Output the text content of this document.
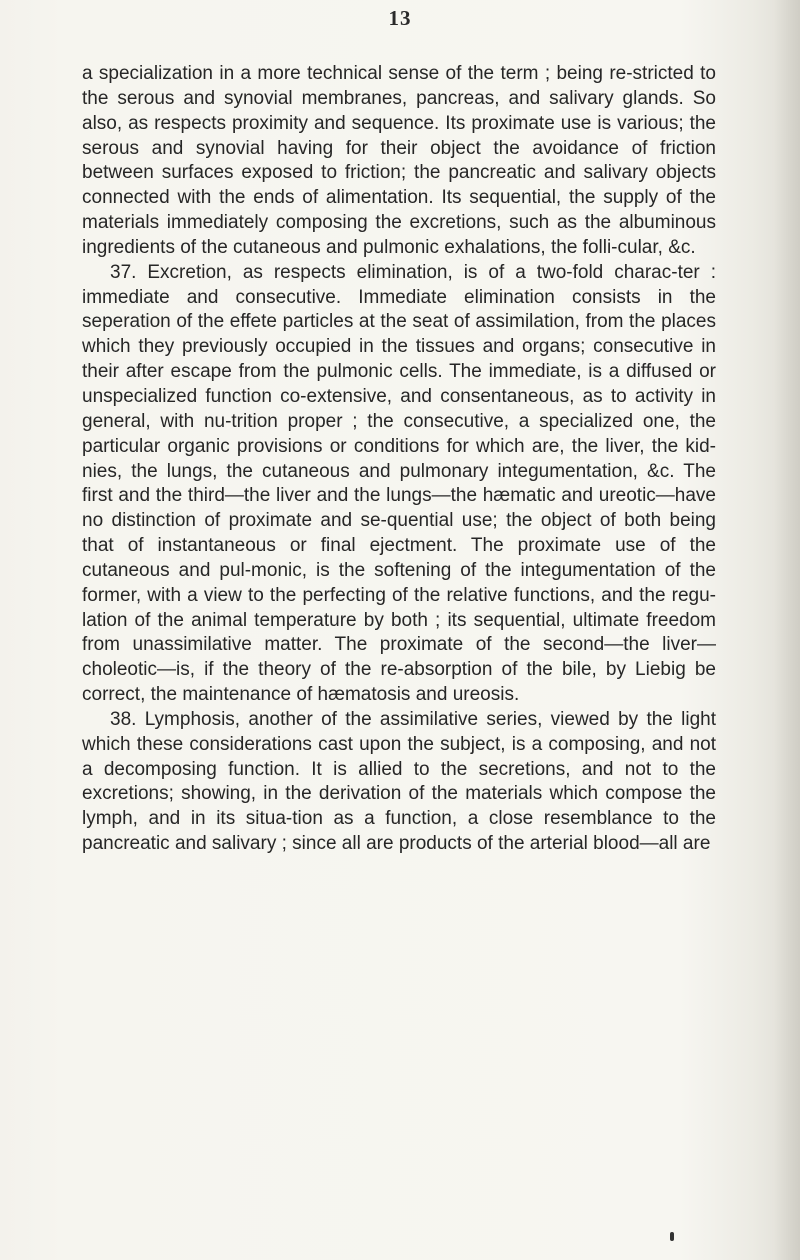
13

a specialization in a more technical sense of the term ; being re-stricted to the serous and synovial membranes, pancreas, and salivary glands. So also, as respects proximity and sequence. Its proximate use is various; the serous and synovial having for their object the avoidance of friction between surfaces exposed to friction; the pancreatic and salivary objects connected with the ends of alimentation. Its sequential, the supply of the materials immediately composing the excretions, such as the albuminous ingredients of the cutaneous and pulmonic exhalations, the folli-cular, &c.

37. Excretion, as respects elimination, is of a two-fold charac-ter : immediate and consecutive. Immediate elimination consists in the seperation of the effete particles at the seat of assimilation, from the places which they previously occupied in the tissues and organs; consecutive in their after escape from the pulmonic cells. The immediate, is a diffused or unspecialized function co-extensive, and consentaneous, as to activity in general, with nu-trition proper ; the consecutive, a specialized one, the particular organic provisions or conditions for which are, the liver, the kid-nies, the lungs, the cutaneous and pulmonary integumentation, &c. The first and the third—the liver and the lungs—the hæmatic and ureotic—have no distinction of proximate and se-quential use; the object of both being that of instantaneous or final ejectment. The proximate use of the cutaneous and pul-monic, is the softening of the integumentation of the former, with a view to the perfecting of the relative functions, and the regu-lation of the animal temperature by both ; its sequential, ultimate freedom from unassimilative matter. The proximate of the second—the liver—choleotic—is, if the theory of the re-absorption of the bile, by Liebig be correct, the maintenance of hæmatosis and ureosis.

38. Lymphosis, another of the assimilative series, viewed by the light which these considerations cast upon the subject, is a composing, and not a decomposing function. It is allied to the secretions, and not to the excretions; showing, in the derivation of the materials which compose the lymph, and in its situa-tion as a function, a close resemblance to the pancreatic and salivary ; since all are products of the arterial blood—all are
